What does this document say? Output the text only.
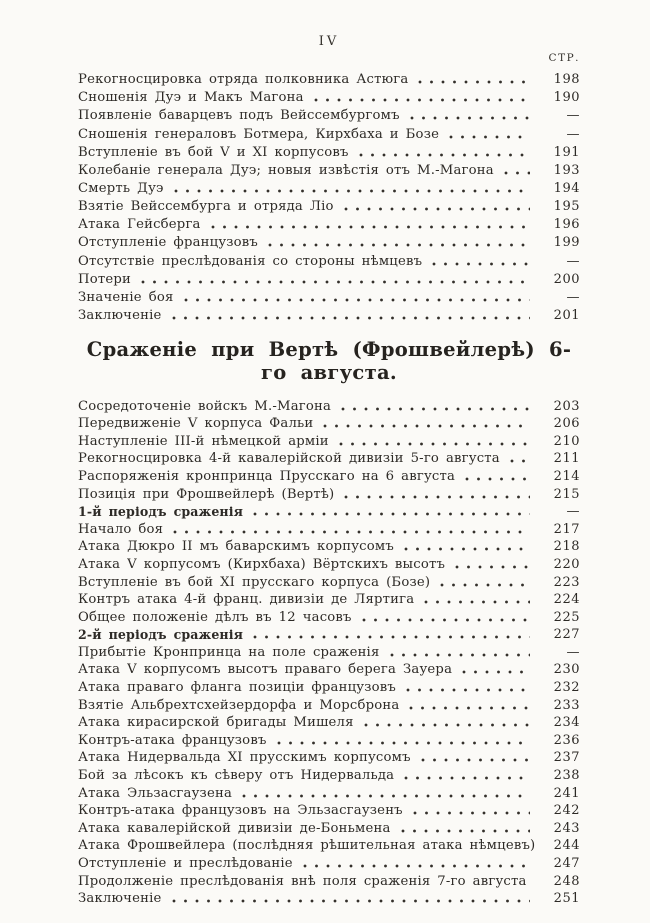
IV
СТР.
Рекогносцировка отряда полковника Астюга	198
Сношенія Дуэ и Макъ Магона	190
Появленіе баварцевъ подъ Вейссембургомъ	—
Сношенія генераловъ Ботмера, Кирхбаха и Бозе	—
Вступленіе въ бой V и XI корпусовъ	191
Колебаніе генерала Дуэ; новыя извѣстія отъ М.-Магона	193
Смерть Дуэ	194
Взятіе Вейссембурга и отряда Ліо	195
Атака Гейсберга	196
Отступленіе французовъ	199
Отсутствіе преслѣдованія со стороны нѣмцевъ	—
Потери	200
Значеніе боя	—
Заключеніе	201
Сраженіе при Вертѣ (Фрошвейлерѣ) 6-го августа.
Сосредоточеніе войскъ М.-Магона	203
Передвиженіе V корпуса Фальи	206
Наступленіе III-й нѣмецкой арміи	210
Рекогносцировка 4-й кавалерійской дивизіи 5-го августа	211
Распоряженія кронпринца Прусскаго на 6 августа	214
Позиція при Фрошвейлерѣ (Вертѣ)	215
1-й періодъ сраженія	—
Начало боя	217
Атака Дюкро II мъ баварскимъ корпусомъ	218
Атака V корпусомъ (Кирхбаха) Вёртскихъ высотъ	220
Вступленіе въ бой XI прусскаго корпуса (Бозе)	223
Контръ атака 4-й франц. дивизіи де Ляртига	224
Общее положеніе дѣлъ въ 12 часовъ	225
2-й періодъ сраженія	227
Прибытіе Кронпринца на поле сраженія	—
Атака V корпусомъ высотъ праваго берега Зауера	230
Атака праваго фланга позиціи французовъ	232
Взятіе Альбрехтсхейзердорфа и Морсброна	233
Атака кирасирской бригады Мишеля	234
Контръ-атака французовъ	236
Атака Нидервальда XI прусскимъ корпусомъ	237
Бой за лѣсокъ къ сѣверу отъ Нидервальда	238
Атака Эльзасгаузена	241
Контръ-атака французовъ на Эльзасгаузенъ	242
Атака кавалерійской дивизіи де-Боньмена	243
Атака Фрошвейлера (послѣдняя рѣшительная атака нѣмцевъ) 244
Отступленіе и преслѣдованіе	247
Продолженіе преслѣдованія внѣ поля сраженія 7-го августа	248
Заключеніе	251
